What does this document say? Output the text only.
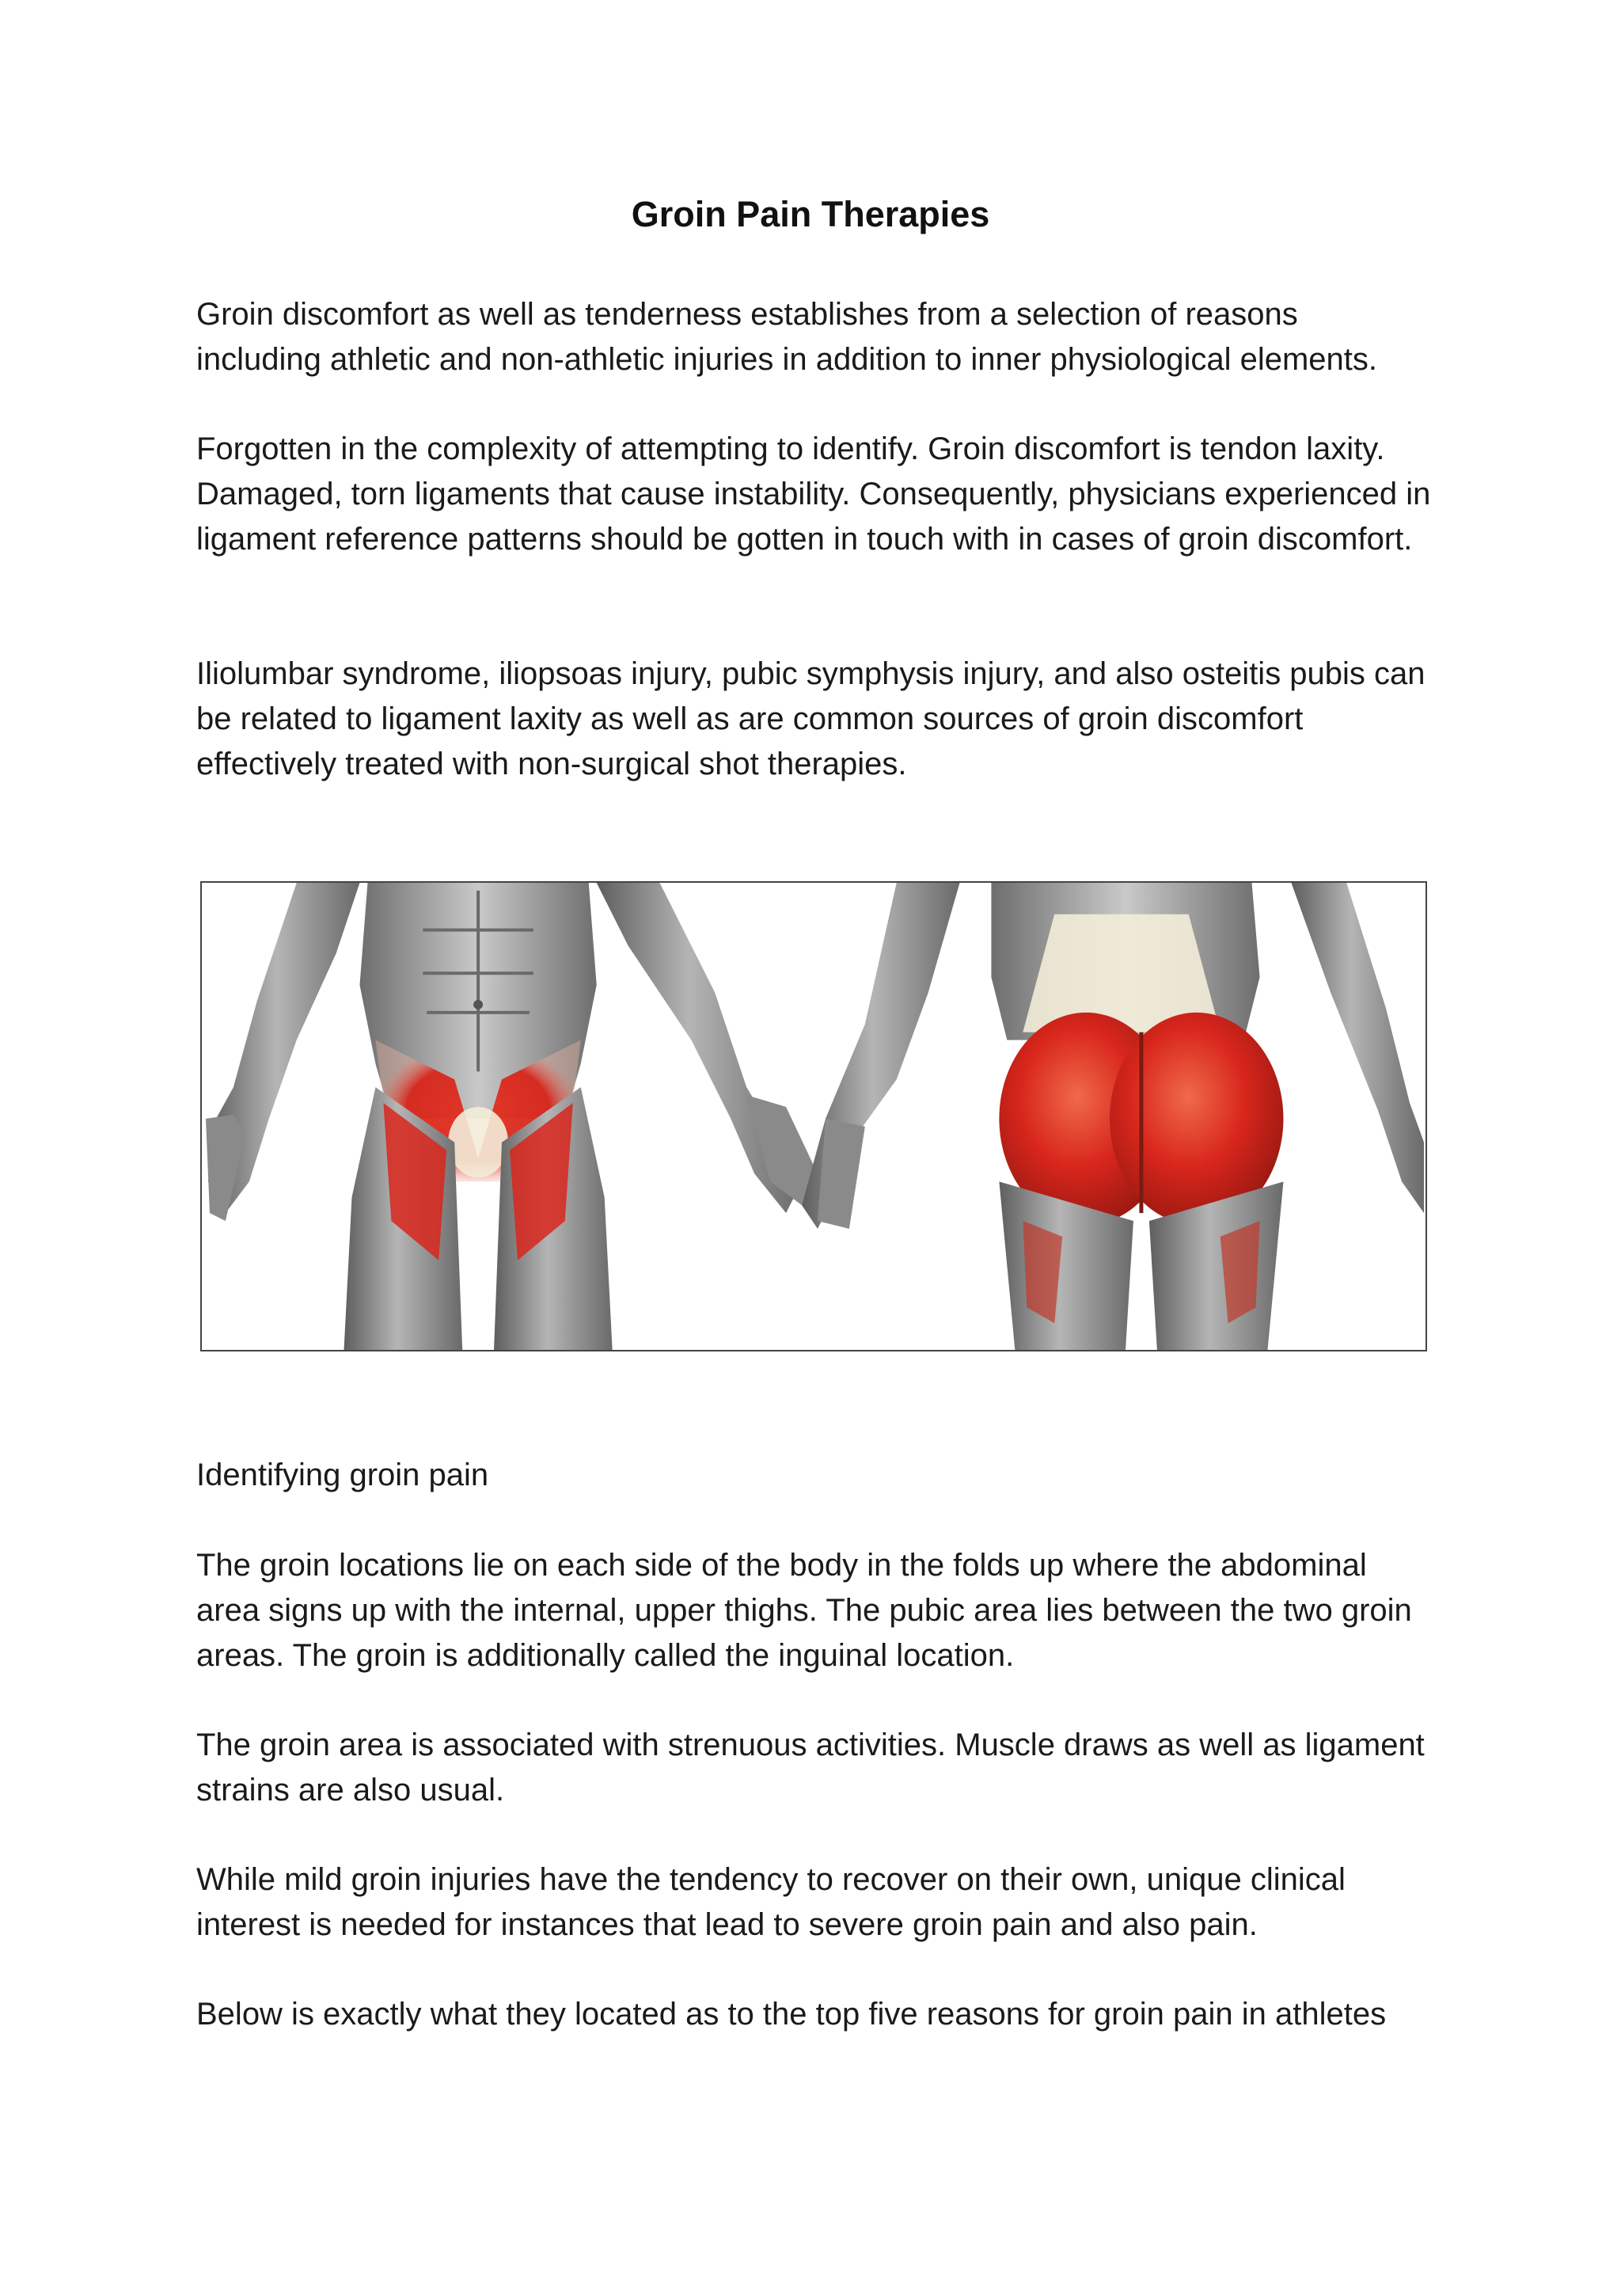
Groin Pain Therapies

Groin discomfort as well as tenderness establishes from a selection of reasons including athletic and non-athletic injuries in addition to inner physiological elements.

Forgotten in the complexity of attempting to identify. Groin discomfort is tendon laxity. Damaged, torn ligaments that cause instability. Consequently, physicians experienced in ligament reference patterns should be gotten in touch with in cases of groin discomfort.

Iliolumbar syndrome, iliopsoas injury, pubic symphysis injury, and also osteitis pubis can be related to ligament laxity as well as are common sources of groin discomfort effectively treated with non-surgical shot therapies.

Identifying groin pain

The groin locations lie on each side of the body in the folds up where the abdominal area signs up with the internal, upper thighs. The pubic area lies between the two groin areas. The groin is additionally called the inguinal location.

The groin area is associated with strenuous activities. Muscle draws as well as ligament strains are also usual.

While mild groin injuries have the tendency to recover on their own, unique clinical interest is needed for instances that lead to severe groin pain and also pain.

Below is exactly what they located as to the top five reasons for groin pain in athletes
